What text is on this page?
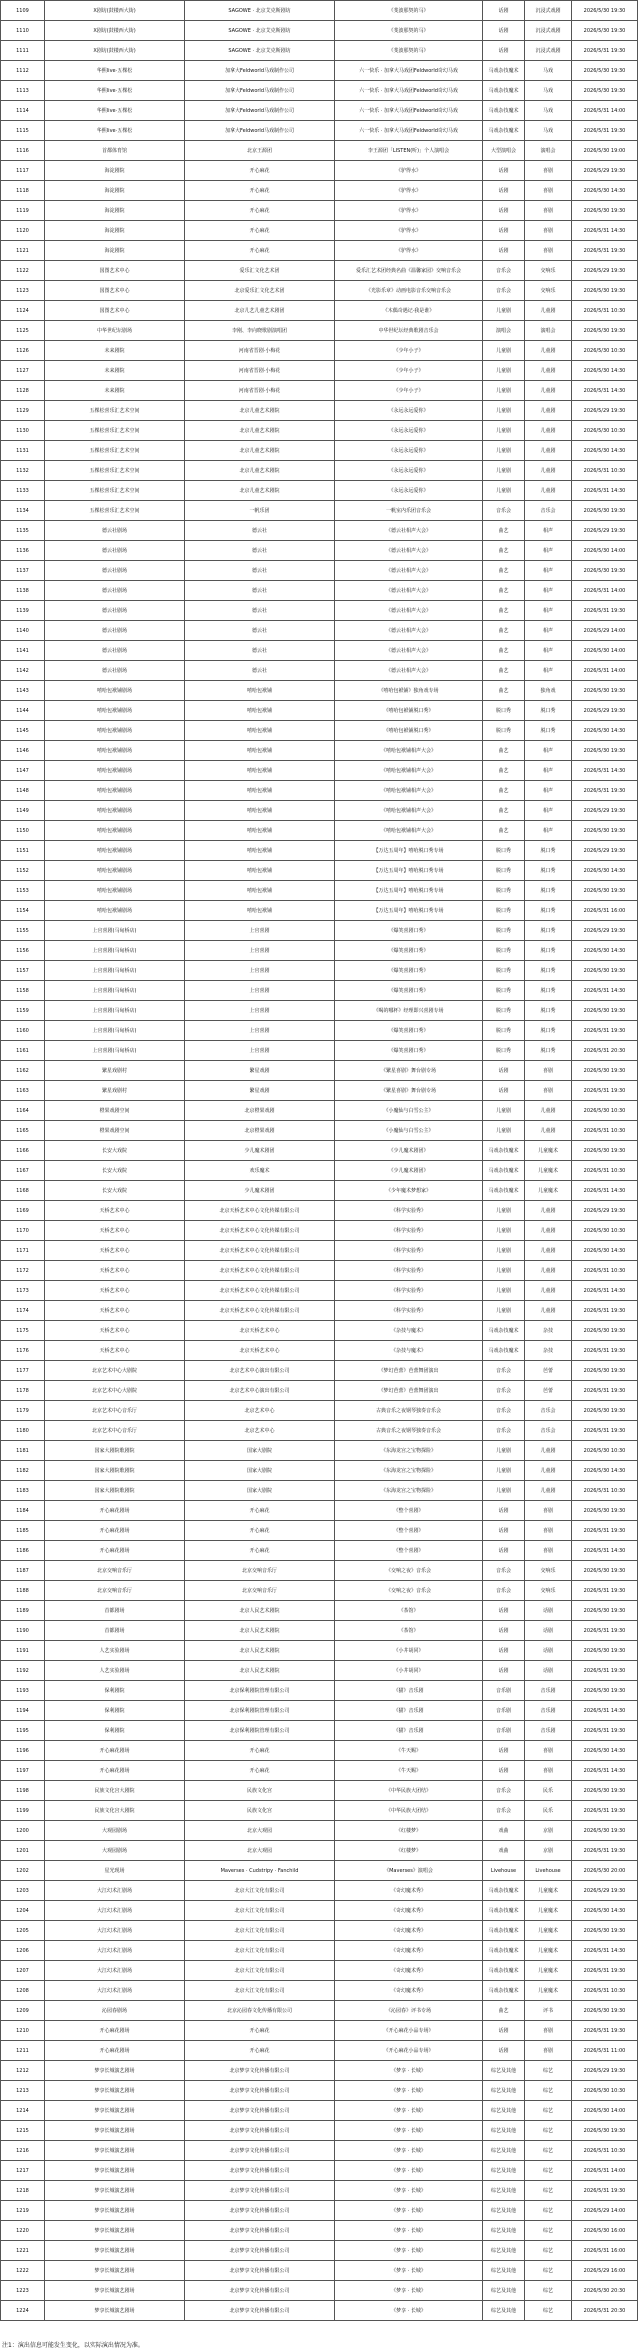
1109	X剧坊(鼓楼西大街)	SAGOWE · 北京艾克斯剧坊	《斐波那契的马》	话剧	沉浸式戏剧	2026/5/30 19:30
1110	X剧坊(鼓楼西大街)	SAGOWE · 北京艾克斯剧坊	《斐波那契的马》	话剧	沉浸式戏剧	2026/5/30 19:30
1111	X剧坊(鼓楼西大街)	SAGOWE · 北京艾克斯剧坊	《斐波那契的马》	话剧	沉浸式戏剧	2026/5/31 19:30
1112	华熙live·五棵松	加拿大Feldworld马戏制作公司	六一快乐 · 加拿大马戏团Feldworld奇幻马戏	马戏杂技魔术	马戏	2026/5/30 19:30
1113	华熙live·五棵松	加拿大Feldworld马戏制作公司	六一快乐 · 加拿大马戏团Feldworld奇幻马戏	马戏杂技魔术	马戏	2026/5/30 19:30
1114	华熙live·五棵松	加拿大Feldworld马戏制作公司	六一快乐 · 加拿大马戏团Feldworld奇幻马戏	马戏杂技魔术	马戏	2026/5/31 14:00
1115	华熙live·五棵松	加拿大Feldworld马戏制作公司	六一快乐 · 加拿大马戏团Feldworld奇幻马戏	马戏杂技魔术	马戏	2026/5/31 19:30
1116	首都体育馆	北京王源团	李王源团「LISTEN(听)」个人演唱会	大型演唱会	演唱会	2026/5/30 19:00
1117	海淀剧院	开心麻花	《驴得水》	话剧	喜剧	2026/5/29 19:30
1118	海淀剧院	开心麻花	《驴得水》	话剧	喜剧	2026/5/30 14:30
1119	海淀剧院	开心麻花	《驴得水》	话剧	喜剧	2026/5/30 19:30
1120	海淀剧院	开心麻花	《驴得水》	话剧	喜剧	2026/5/31 14:30
1121	海淀剧院	开心麻花	《驴得水》	话剧	喜剧	2026/5/31 19:30
1122	国图艺术中心	爱乐汇文化艺术团	爱乐汇艺术团经典名曲《温馨家园》交响音乐会	音乐会	交响乐	2026/5/29 19:30
1123	国图艺术中心	北京爱乐汇文化艺术团	《光影乐章》动画电影音乐交响音乐会	音乐会	交响乐	2026/5/30 19:30
1124	国图艺术中心	北京儿艺儿童艺术剧团	《木偶奇遇记·我是谁》	儿童剧	儿童剧	2026/5/31 10:30
1125	中华世纪坛剧场	李刚、李向晓歌剧演唱团	中华世纪坛经典歌剧音乐会	演唱会	演唱会	2026/5/30 19:30
1126	未来剧院	河南省晋剧·小梅花	《少年小子》	儿童剧	儿童剧	2026/5/30 10:30
1127	未来剧院	河南省晋剧·小梅花	《少年小子》	儿童剧	儿童剧	2026/5/30 14:30
1128	未来剧院	河南省晋剧·小梅花	《少年小子》	儿童剧	儿童剧	2026/5/31 14:30
1129	五棵松喜乐汇艺术空间	北京儿童艺术剧院	《永远永远爱你》	儿童剧	儿童剧	2026/5/29 19:30
1130	五棵松喜乐汇艺术空间	北京儿童艺术剧院	《永远永远爱你》	儿童剧	儿童剧	2026/5/30 10:30
1131	五棵松喜乐汇艺术空间	北京儿童艺术剧院	《永远永远爱你》	儿童剧	儿童剧	2026/5/30 14:30
1132	五棵松喜乐汇艺术空间	北京儿童艺术剧院	《永远永远爱你》	儿童剧	儿童剧	2026/5/31 10:30
1133	五棵松喜乐汇艺术空间	北京儿童艺术剧院	《永远永远爱你》	儿童剧	儿童剧	2026/5/31 14:30
1134	五棵松喜乐汇艺术空间	一帆乐团	一帆室内乐团音乐会	音乐会	音乐会	2026/5/30 19:30
1135	德云社剧场	德云社	《德云社相声大会》	曲艺	相声	2026/5/29 19:30
1136	德云社剧场	德云社	《德云社相声大会》	曲艺	相声	2026/5/30 14:00
1137	德云社剧场	德云社	《德云社相声大会》	曲艺	相声	2026/5/30 19:30
1138	德云社剧场	德云社	《德云社相声大会》	曲艺	相声	2026/5/31 14:00
1139	德云社剧场	德云社	《德云社相声大会》	曲艺	相声	2026/5/31 19:30
1140	德云社剧场	德云社	《德云社相声大会》	曲艺	相声	2026/5/29 14:00
1141	德云社剧场	德云社	《德云社相声大会》	曲艺	相声	2026/5/30 14:00
1142	德云社剧场	德云社	《德云社相声大会》	曲艺	相声	2026/5/31 14:00
1143	嘻哈包袱铺剧场	嘻哈包袱铺	《嘻哈包袱铺》独角戏专场	曲艺	独角戏	2026/5/30 19:30
1144	嘻哈包袱铺剧场	嘻哈包袱铺	《嘻哈包袱铺脱口秀》	脱口秀	脱口秀	2026/5/29 19:30
1145	嘻哈包袱铺剧场	嘻哈包袱铺	《嘻哈包袱铺脱口秀》	脱口秀	脱口秀	2026/5/30 14:30
1146	嘻哈包袱铺剧场	嘻哈包袱铺	《嘻哈包袱铺相声大会》	曲艺	相声	2026/5/30 19:30
1147	嘻哈包袱铺剧场	嘻哈包袱铺	《嘻哈包袱铺相声大会》	曲艺	相声	2026/5/31 14:30
1148	嘻哈包袱铺剧场	嘻哈包袱铺	《嘻哈包袱铺相声大会》	曲艺	相声	2026/5/31 19:30
1149	嘻哈包袱铺剧场	嘻哈包袱铺	《嘻哈包袱铺相声大会》	曲艺	相声	2026/5/29 19:30
1150	嘻哈包袱铺剧场	嘻哈包袱铺	《嘻哈包袱铺相声大会》	曲艺	相声	2026/5/30 19:30
1151	嘻哈包袱铺剧场	嘻哈包袱铺	【万达五周年】嘻哈脱口秀专场	脱口秀	脱口秀	2026/5/29 19:30
1152	嘻哈包袱铺剧场	嘻哈包袱铺	【万达五周年】嘻哈脱口秀专场	脱口秀	脱口秀	2026/5/30 14:30
1153	嘻哈包袱铺剧场	嘻哈包袱铺	【万达五周年】嘻哈脱口秀专场	脱口秀	脱口秀	2026/5/30 19:30
1154	嘻哈包袱铺剧场	嘻哈包袱铺	【万达五周年】嘻哈脱口秀专场	脱口秀	脱口秀	2026/5/31 16:00
1155	上官喜剧(马甸桥店)	上官喜剧	《爆笑喜剧口秀》	脱口秀	脱口秀	2026/5/29 19:30
1156	上官喜剧(马甸桥店)	上官喜剧	《爆笑喜剧口秀》	脱口秀	脱口秀	2026/5/30 14:30
1157	上官喜剧(马甸桥店)	上官喜剧	《爆笑喜剧口秀》	脱口秀	脱口秀	2026/5/30 19:30
1158	上官喜剧(马甸桥店)	上官喜剧	《爆笑喜剧口秀》	脱口秀	脱口秀	2026/5/31 14:30
1159	上官喜剧(马甸桥店)	上官喜剧	《喝的哪杯》经理即兴喜剧专场	脱口秀	脱口秀	2026/5/30 19:30
1160	上官喜剧(马甸桥店)	上官喜剧	《爆笑喜剧口秀》	脱口秀	脱口秀	2026/5/31 19:30
1161	上官喜剧(马甸桥店)	上官喜剧	《爆笑喜剧口秀》	脱口秀	脱口秀	2026/5/31 20:30
1162	繁星戏剧村	繁星戏剧	《繁星喜剧》舞台剧专场	话剧	喜剧	2026/5/30 19:30
1163	繁星戏剧村	繁星戏剧	《繁星喜剧》舞台剧专场	话剧	喜剧	2026/5/31 19:30
1164	橙果戏剧空间	北京橙果戏剧	《小魔仙与白雪公主》	儿童剧	儿童剧	2026/5/30 10:30
1165	橙果戏剧空间	北京橙果戏剧	《小魔仙与白雪公主》	儿童剧	儿童剧	2026/5/31 10:30
1166	长安大戏院	少儿魔术剧团	《少儿魔术剧团》	马戏杂技魔术	儿童魔术	2026/5/30 19:30
1167	长安大戏院	欢乐魔术	《少儿魔术剧团》	马戏杂技魔术	儿童魔术	2026/5/31 10:30
1168	长安大戏院	少儿魔术剧团	《少年魔术梦想家》	马戏杂技魔术	儿童魔术	2026/5/31 14:30
1169	天桥艺术中心	北京天桥艺术中心文化传媒有限公司	《科学实验秀》	儿童剧	儿童剧	2026/5/29 19:30
1170	天桥艺术中心	北京天桥艺术中心文化传媒有限公司	《科学实验秀》	儿童剧	儿童剧	2026/5/30 10:30
1171	天桥艺术中心	北京天桥艺术中心文化传媒有限公司	《科学实验秀》	儿童剧	儿童剧	2026/5/30 14:30
1172	天桥艺术中心	北京天桥艺术中心文化传媒有限公司	《科学实验秀》	儿童剧	儿童剧	2026/5/31 10:30
1173	天桥艺术中心	北京天桥艺术中心文化传媒有限公司	《科学实验秀》	儿童剧	儿童剧	2026/5/31 14:30
1174	天桥艺术中心	北京天桥艺术中心文化传媒有限公司	《科学实验秀》	儿童剧	儿童剧	2026/5/31 19:30
1175	天桥艺术中心	北京天桥艺术中心	《杂技与魔术》	马戏杂技魔术	杂技	2026/5/30 19:30
1176	天桥艺术中心	北京天桥艺术中心	《杂技与魔术》	马戏杂技魔术	杂技	2026/5/31 19:30
1177	北京艺术中心大剧院	北京艺术中心演出有限公司	《梦幻芭蕾》芭蕾舞团演出	音乐会	芭蕾	2026/5/30 19:30
1178	北京艺术中心大剧院	北京艺术中心演出有限公司	《梦幻芭蕾》芭蕾舞团演出	音乐会	芭蕾	2026/5/31 19:30
1179	北京艺术中心音乐厅	北京艺术中心	古典音乐之夜钢琴独奏音乐会	音乐会	音乐会	2026/5/30 19:30
1180	北京艺术中心音乐厅	北京艺术中心	古典音乐之夜钢琴独奏音乐会	音乐会	音乐会	2026/5/31 19:30
1181	国家大剧院歌剧院	国家大剧院	《东海龙宫之宝物探险》	儿童剧	儿童剧	2026/5/30 10:30
1182	国家大剧院歌剧院	国家大剧院	《东海龙宫之宝物探险》	儿童剧	儿童剧	2026/5/30 14:30
1183	国家大剧院歌剧院	国家大剧院	《东海龙宫之宝物探险》	儿童剧	儿童剧	2026/5/31 10:30
1184	开心麻花剧场	开心麻花	《整个喜剧》	话剧	喜剧	2026/5/30 19:30
1185	开心麻花剧场	开心麻花	《整个喜剧》	话剧	喜剧	2026/5/31 19:30
1186	开心麻花剧场	开心麻花	《整个喜剧》	话剧	喜剧	2026/5/31 14:30
1187	北京交响音乐厅	北京交响音乐厅	《交响之夜》音乐会	音乐会	交响乐	2026/5/30 19:30
1188	北京交响音乐厅	北京交响音乐厅	《交响之夜》音乐会	音乐会	交响乐	2026/5/31 19:30
1189	首都剧场	北京人民艺术剧院	《茶馆》	话剧	话剧	2026/5/30 19:30
1190	首都剧场	北京人民艺术剧院	《茶馆》	话剧	话剧	2026/5/31 19:30
1191	人艺实验剧场	北京人民艺术剧院	《小井胡同》	话剧	话剧	2026/5/30 19:30
1192	人艺实验剧场	北京人民艺术剧院	《小井胡同》	话剧	话剧	2026/5/31 19:30
1193	保利剧院	北京保利剧院管理有限公司	《猫》音乐剧	音乐剧	音乐剧	2026/5/30 19:30
1194	保利剧院	北京保利剧院管理有限公司	《猫》音乐剧	音乐剧	音乐剧	2026/5/31 14:30
1195	保利剧院	北京保利剧院管理有限公司	《猫》音乐剧	音乐剧	音乐剧	2026/5/31 19:30
1196	开心麻花剧场	开心麻花	《牛天赐》	话剧	喜剧	2026/5/30 14:30
1197	开心麻花剧场	开心麻花	《牛天赐》	话剧	喜剧	2026/5/31 14:30
1198	民族文化宫大剧院	民族文化宫	《中华民族大团结》	音乐会	民乐	2026/5/30 19:30
1199	民族文化宫大剧院	民族文化宫	《中华民族大团结》	音乐会	民乐	2026/5/31 19:30
1200	大观园剧场	北京大观园	《红楼梦》	戏曲	京剧	2026/5/30 19:30
1201	大观园剧场	北京大观园	《红楼梦》	戏曲	京剧	2026/5/31 19:30
1202	星光现场	Maverses · Cudstripy · Fanchild	《Maverses》演唱会	Livehouse	Livehouse	2026/5/30 20:00
1203	大江幻术汇剧场	北京大江文化有限公司	《奇幻魔术秀》	马戏杂技魔术	儿童魔术	2026/5/29 19:30
1204	大江幻术汇剧场	北京大江文化有限公司	《奇幻魔术秀》	马戏杂技魔术	儿童魔术	2026/5/30 14:30
1205	大江幻术汇剧场	北京大江文化有限公司	《奇幻魔术秀》	马戏杂技魔术	儿童魔术	2026/5/30 19:30
1206	大江幻术汇剧场	北京大江文化有限公司	《奇幻魔术秀》	马戏杂技魔术	儿童魔术	2026/5/31 14:30
1207	大江幻术汇剧场	北京大江文化有限公司	《奇幻魔术秀》	马戏杂技魔术	儿童魔术	2026/5/31 19:30
1208	大江幻术汇剧场	北京大江文化有限公司	《奇幻魔术秀》	马戏杂技魔术	儿童魔术	2026/5/31 10:30
1209	沁园春剧场	北京沁园春文化传播有限公司	《沁园春》评书专场	曲艺	评书	2026/5/30 19:30
1210	开心麻花剧场	开心麻花	《开心麻花小品专场》	话剧	喜剧	2026/5/31 19:30
1211	开心麻花剧场	开心麻花	《开心麻花小品专场》	话剧	喜剧	2026/5/31 11:00
1212	梦享长城演艺剧场	北京梦享文化传播有限公司	《梦享 · 长城》	综艺及其他	综艺	2026/5/29 19:30
1213	梦享长城演艺剧场	北京梦享文化传播有限公司	《梦享 · 长城》	综艺及其他	综艺	2026/5/30 10:30
1214	梦享长城演艺剧场	北京梦享文化传播有限公司	《梦享 · 长城》	综艺及其他	综艺	2026/5/30 14:00
1215	梦享长城演艺剧场	北京梦享文化传播有限公司	《梦享 · 长城》	综艺及其他	综艺	2026/5/30 19:30
1216	梦享长城演艺剧场	北京梦享文化传播有限公司	《梦享 · 长城》	综艺及其他	综艺	2026/5/31 10:30
1217	梦享长城演艺剧场	北京梦享文化传播有限公司	《梦享 · 长城》	综艺及其他	综艺	2026/5/31 14:00
1218	梦享长城演艺剧场	北京梦享文化传播有限公司	《梦享 · 长城》	综艺及其他	综艺	2026/5/31 19:30
1219	梦享长城演艺剧场	北京梦享文化传播有限公司	《梦享 · 长城》	综艺及其他	综艺	2026/5/29 14:00
1220	梦享长城演艺剧场	北京梦享文化传播有限公司	《梦享 · 长城》	综艺及其他	综艺	2026/5/30 16:00
1221	梦享长城演艺剧场	北京梦享文化传播有限公司	《梦享 · 长城》	综艺及其他	综艺	2026/5/31 16:00
1222	梦享长城演艺剧场	北京梦享文化传播有限公司	《梦享 · 长城》	综艺及其他	综艺	2026/5/29 16:00
1223	梦享长城演艺剧场	北京梦享文化传播有限公司	《梦享 · 长城》	综艺及其他	综艺	2026/5/30 20:30
1224	梦享长城演艺剧场	北京梦享文化传播有限公司	《梦享 · 长城》	综艺及其他	综艺	2026/5/31 20:30
注1：演出信息可能发生变化，以实际演出情况为准。
